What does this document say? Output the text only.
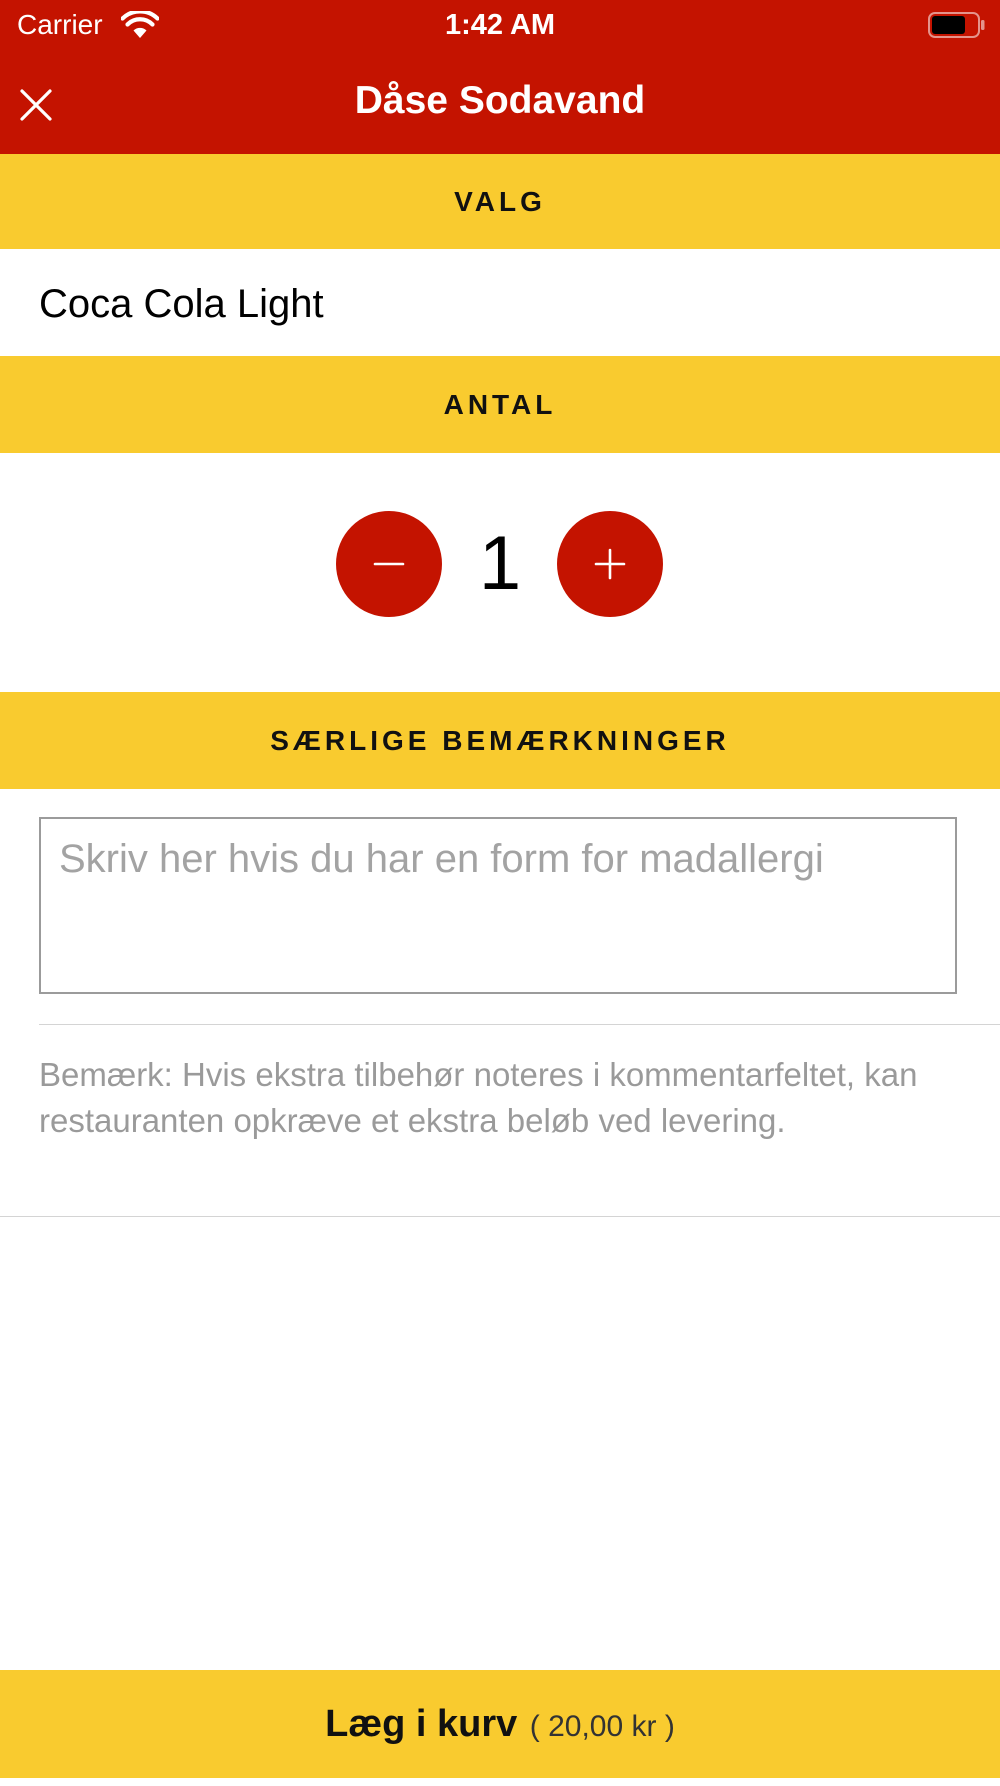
Carrier	1:42 AM
Dåse Sodavand
VALG
Coca Cola Light
ANTAL
1
SÆRLIGE BEMÆRKNINGER
Skriv her hvis du har en form for madallergi
Bemærk: Hvis ekstra tilbehør noteres i kommentarfeltet, kan restauranten opkræve et ekstra beløb ved levering.
Læg i kurv ( 20,00 kr )
